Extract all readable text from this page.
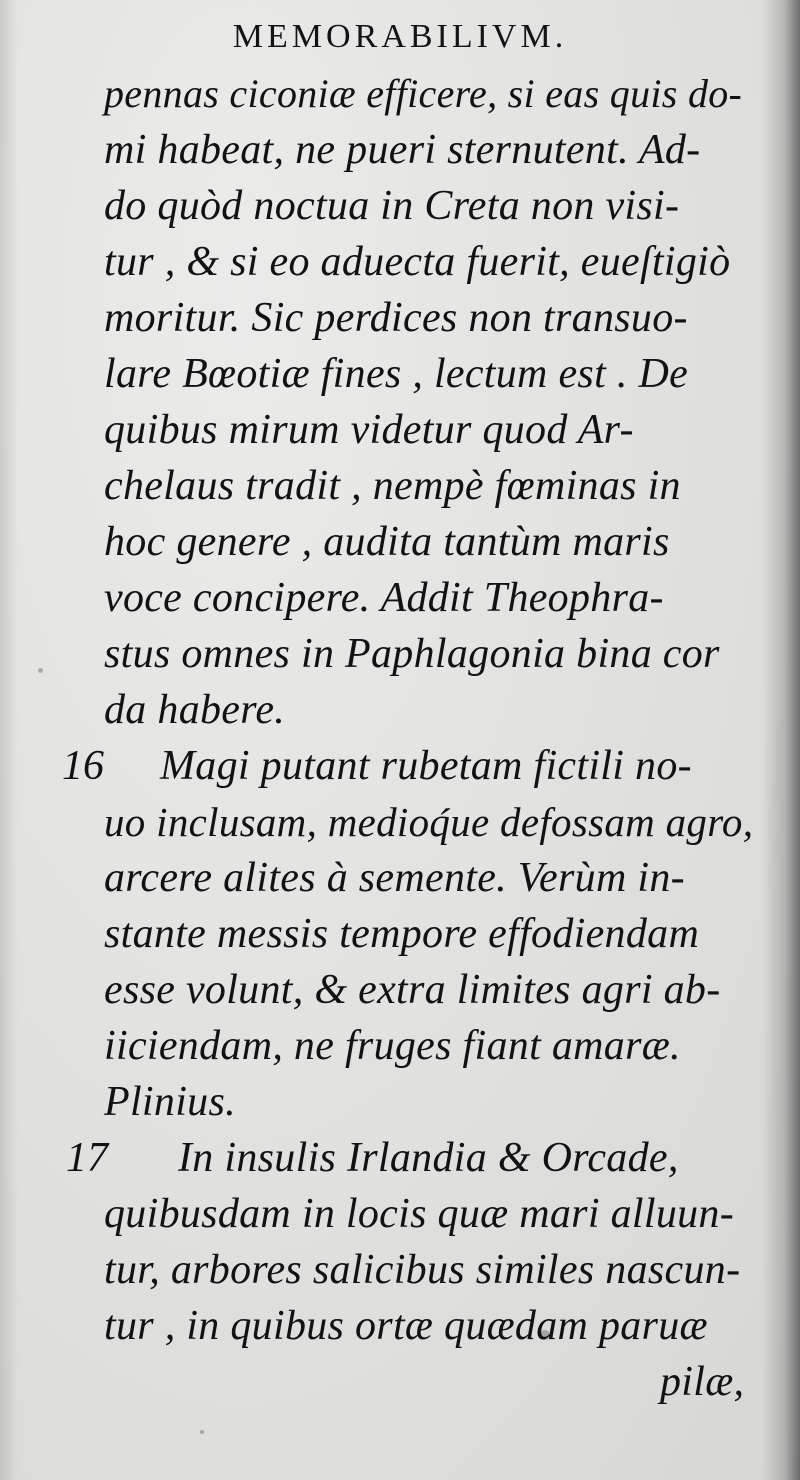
MEMORABILIVM.
pennas ciconiæ efficere, si eas quis do-
mi habeat, ne pueri sternutent. Ad-
do quòd noctua in Creta non visi-
tur , & si eo aduecta fuerit, eueſtigiò
moritur. Sic perdices non transuo-
lare Bœotiæ fines , lectum est . De
quibus mirum videtur quod Ar-
chelaus tradit , nempè fœminas in
hoc genere , audita tantùm maris
voce concipere. Addit Theophra-
stus omnes in Paphlagonia bina cor
da habere.
16 Magi putant rubetam fictili no-
uo inclusam, medioq́ue defossam agro,
arcere alites à semente. Verùm in-
stante messis tempore effodiendam
esse volunt, & extra limites agri ab-
iiciendam, ne fruges fiant amaræ.
Plinius.
17 In insulis Irlandia & Orcade,
quibusdam in locis quæ mari alluun-
tur, arbores salicibus similes nascun-
tur , in quibus ortæ quædam paruæ
pilæ,
